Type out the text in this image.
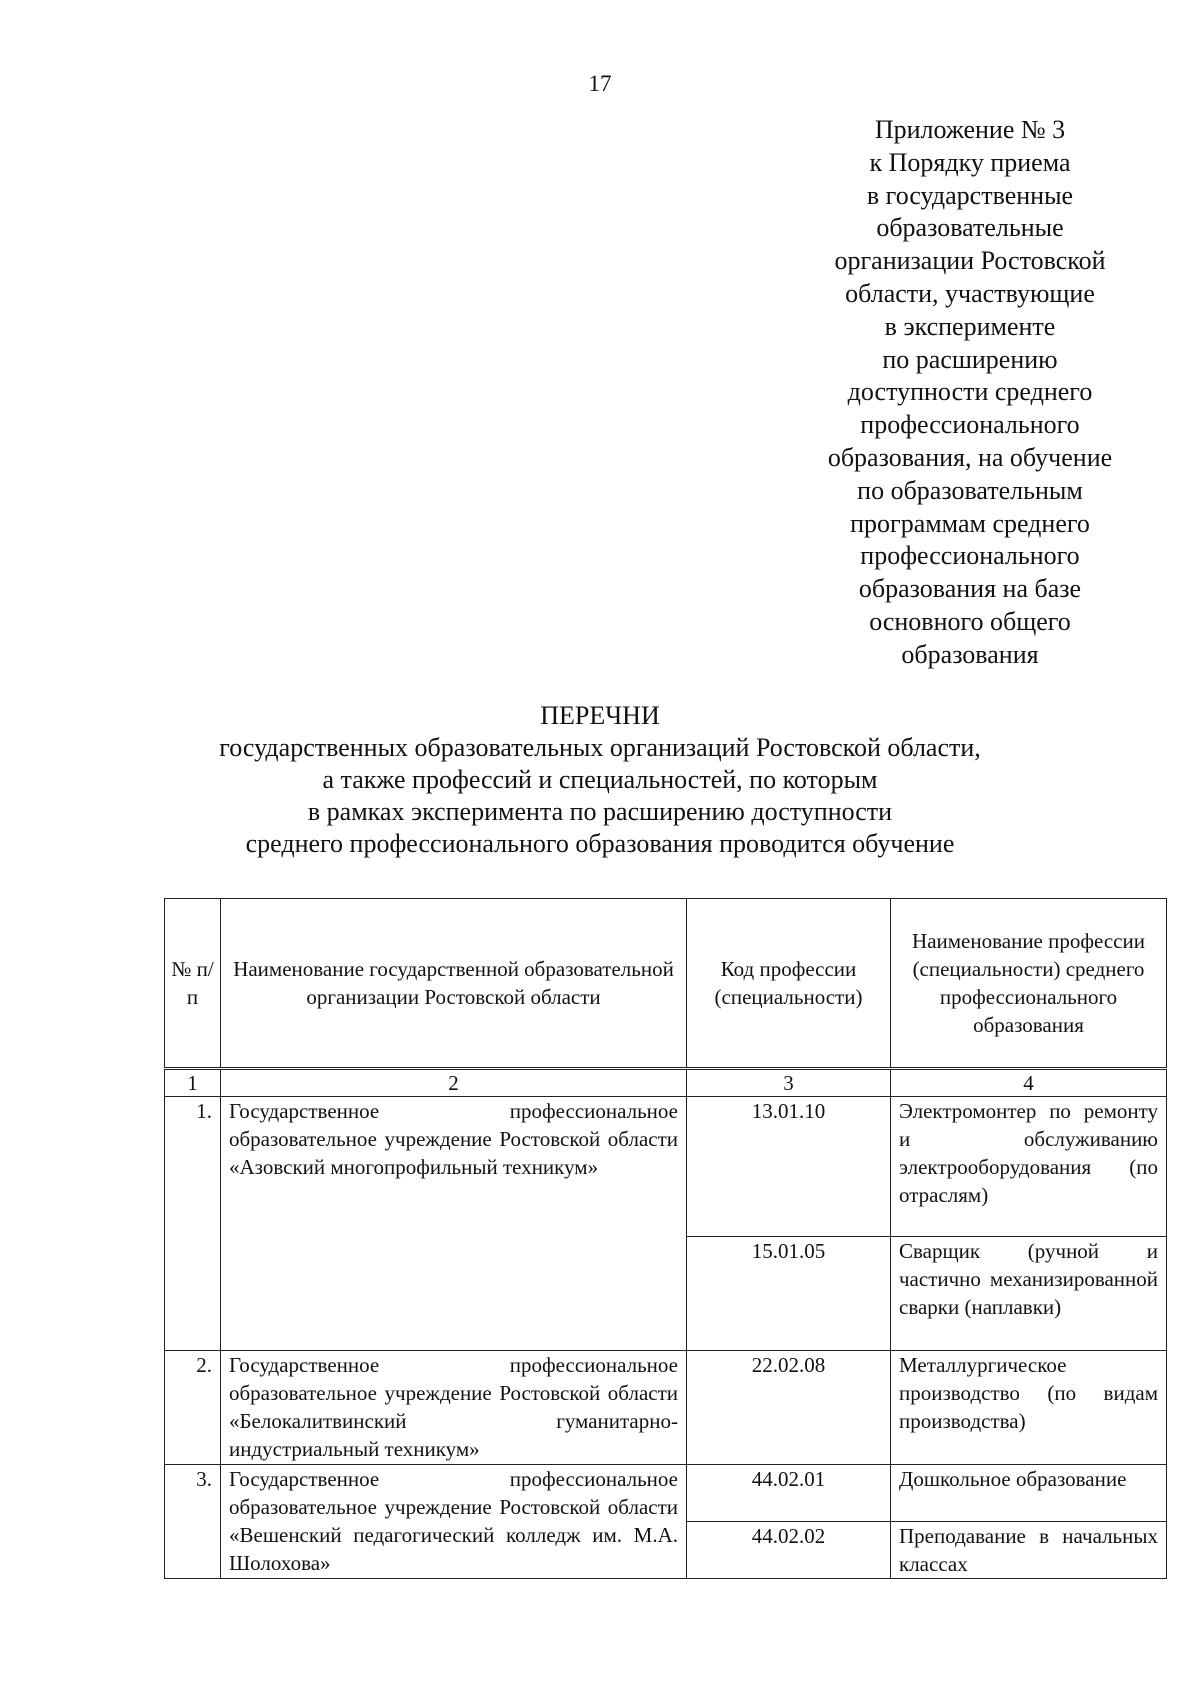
17
Приложение № 3
к Порядку приема
в государственные
образовательные
организации Ростовской
области, участвующие
в эксперименте
по расширению
доступности среднего
профессионального
образования, на обучение
по образовательным
программам среднего
профессионального
образования на базе
основного общего
образования
ПЕРЕЧНИ
государственных образовательных организаций Ростовской области,
а также профессий и специальностей, по которым
в рамках эксперимента по расширению доступности
среднего профессионального образования проводится обучение
№ п/п	Наименование государственной образовательной организации Ростовской области	Код профессии (специальности)	Наименование профессии (специальности) среднего профессионального образования
1	2	3	4
1.	Государственное профессиональное образовательное учреждение Ростовской области «Азовский многопрофильный техникум»	13.01.10	Электромонтер по ремонту и обслуживанию электрооборудования (по отраслям)
		15.01.05	Сварщик (ручной и частично механизированной сварки (наплавки)
2.	Государственное профессиональное образовательное учреждение Ростовской области «Белокалитвинский гуманитарно-индустриальный техникум»	22.02.08	Металлургическое производство (по видам производства)
3.	Государственное профессиональное образовательное учреждение Ростовской области «Вешенский педагогический колледж им. М.А. Шолохова»	44.02.01	Дошкольное образование
		44.02.02	Преподавание в начальных классах
